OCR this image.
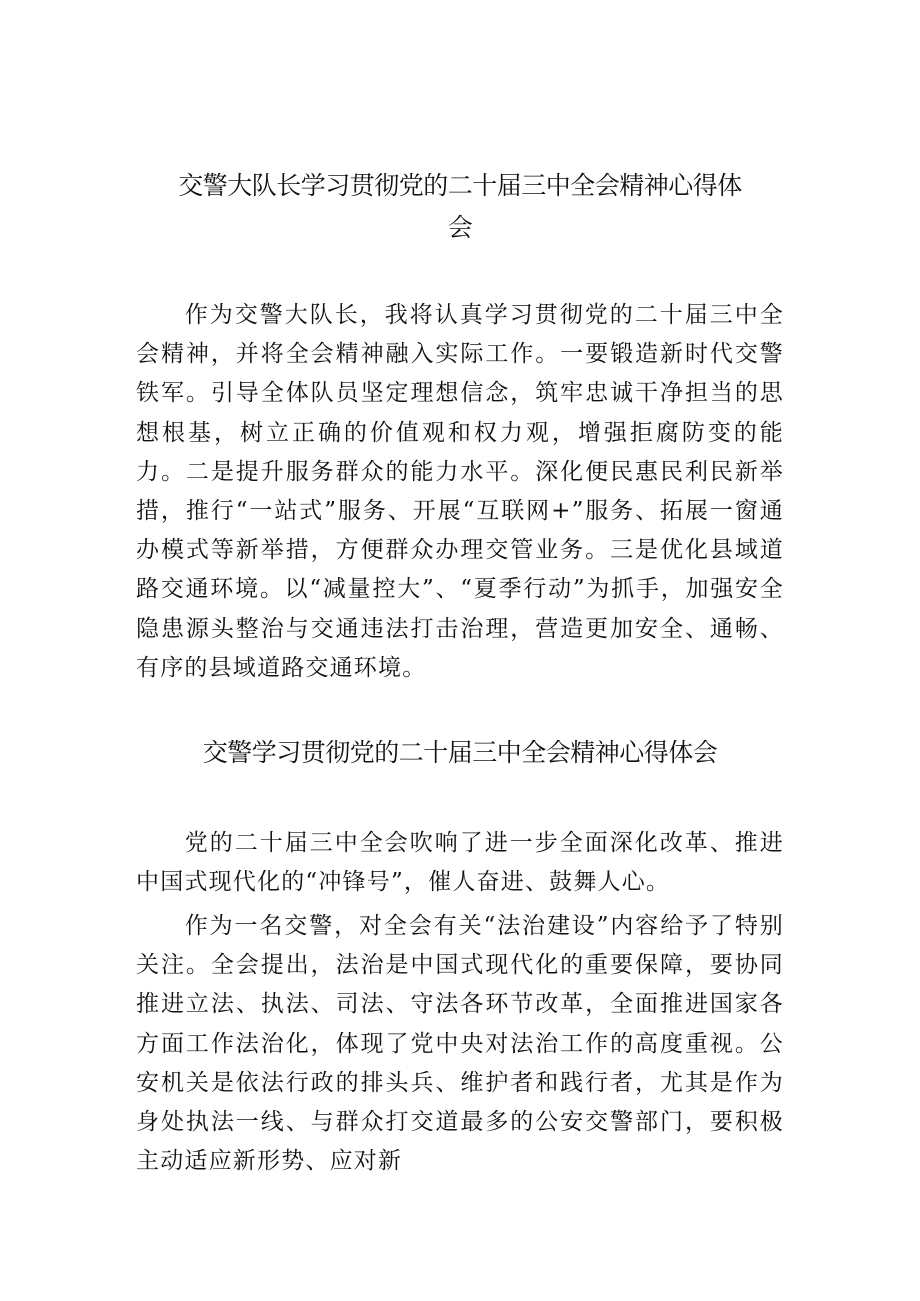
交警大队长学习贯彻党的二十届三中全会精神心得体
会

作为交警大队长，我将认真学习贯彻党的二十届三中全会精神，并将全会精神融入实际工作。一要锻造新时代交警铁军。引导全体队员坚定理想信念，筑牢忠诚干净担当的思想根基，树立正确的价值观和权力观，增强拒腐防变的能力。二是提升服务群众的能力水平。深化便民惠民利民新举措，推行“一站式”服务、开展“互联网+”服务、拓展一窗通办模式等新举措，方便群众办理交管业务。三是优化县域道路交通环境。以“减量控大”、“夏季行动”为抓手，加强安全隐患源头整治与交通违法打击治理，营造更加安全、通畅、有序的县域道路交通环境。

交警学习贯彻党的二十届三中全会精神心得体会

党的二十届三中全会吹响了进一步全面深化改革、推进中国式现代化的“冲锋号”，催人奋进、鼓舞人心。

作为一名交警，对全会有关“法治建设”内容给予了特别关注。全会提出，法治是中国式现代化的重要保障，要协同推进立法、执法、司法、守法各环节改革，全面推进国家各方面工作法治化，体现了党中央对法治工作的高度重视。公安机关是依法行政的排头兵、维护者和践行者，尤其是作为身处执法一线、与群众打交道最多的公安交警部门，要积极主动适应新形势、应对新
